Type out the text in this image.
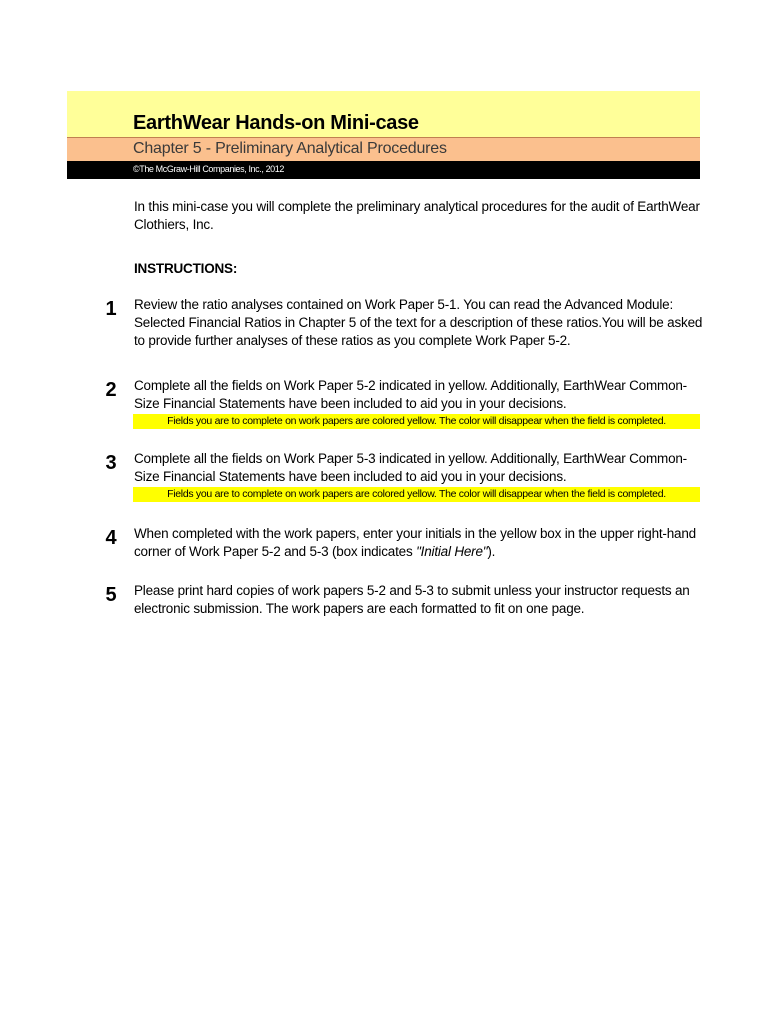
EarthWear Hands-on Mini-case
Chapter 5 - Preliminary Analytical Procedures
©The McGraw-Hill Companies, Inc., 2012
In this mini-case you will complete the preliminary analytical procedures for the audit of EarthWear Clothiers, Inc.
INSTRUCTIONS:
1	Review the ratio analyses contained on Work Paper 5-1. You can read the Advanced Module: Selected Financial Ratios in Chapter 5 of the text for a description of these ratios.You will be asked to provide further analyses of these ratios as you complete Work Paper 5-2.
2	Complete all the fields on Work Paper 5-2 indicated in yellow. Additionally, EarthWear Common-Size Financial Statements have been included to aid you in your decisions.
Fields you are to complete on work papers are colored yellow. The color will disappear when the field is completed.
3	Complete all the fields on Work Paper 5-3 indicated in yellow. Additionally, EarthWear Common-Size Financial Statements have been included to aid you in your decisions.
Fields you are to complete on work papers are colored yellow. The color will disappear when the field is completed.
4	When completed with the work papers, enter your initials in the yellow box in the upper right-hand corner of Work Paper 5-2 and 5-3 (box indicates "Initial Here").
5	Please print hard copies of work papers 5-2 and 5-3 to submit unless your instructor requests an electronic submission. The work papers are each formatted to fit on one page.
